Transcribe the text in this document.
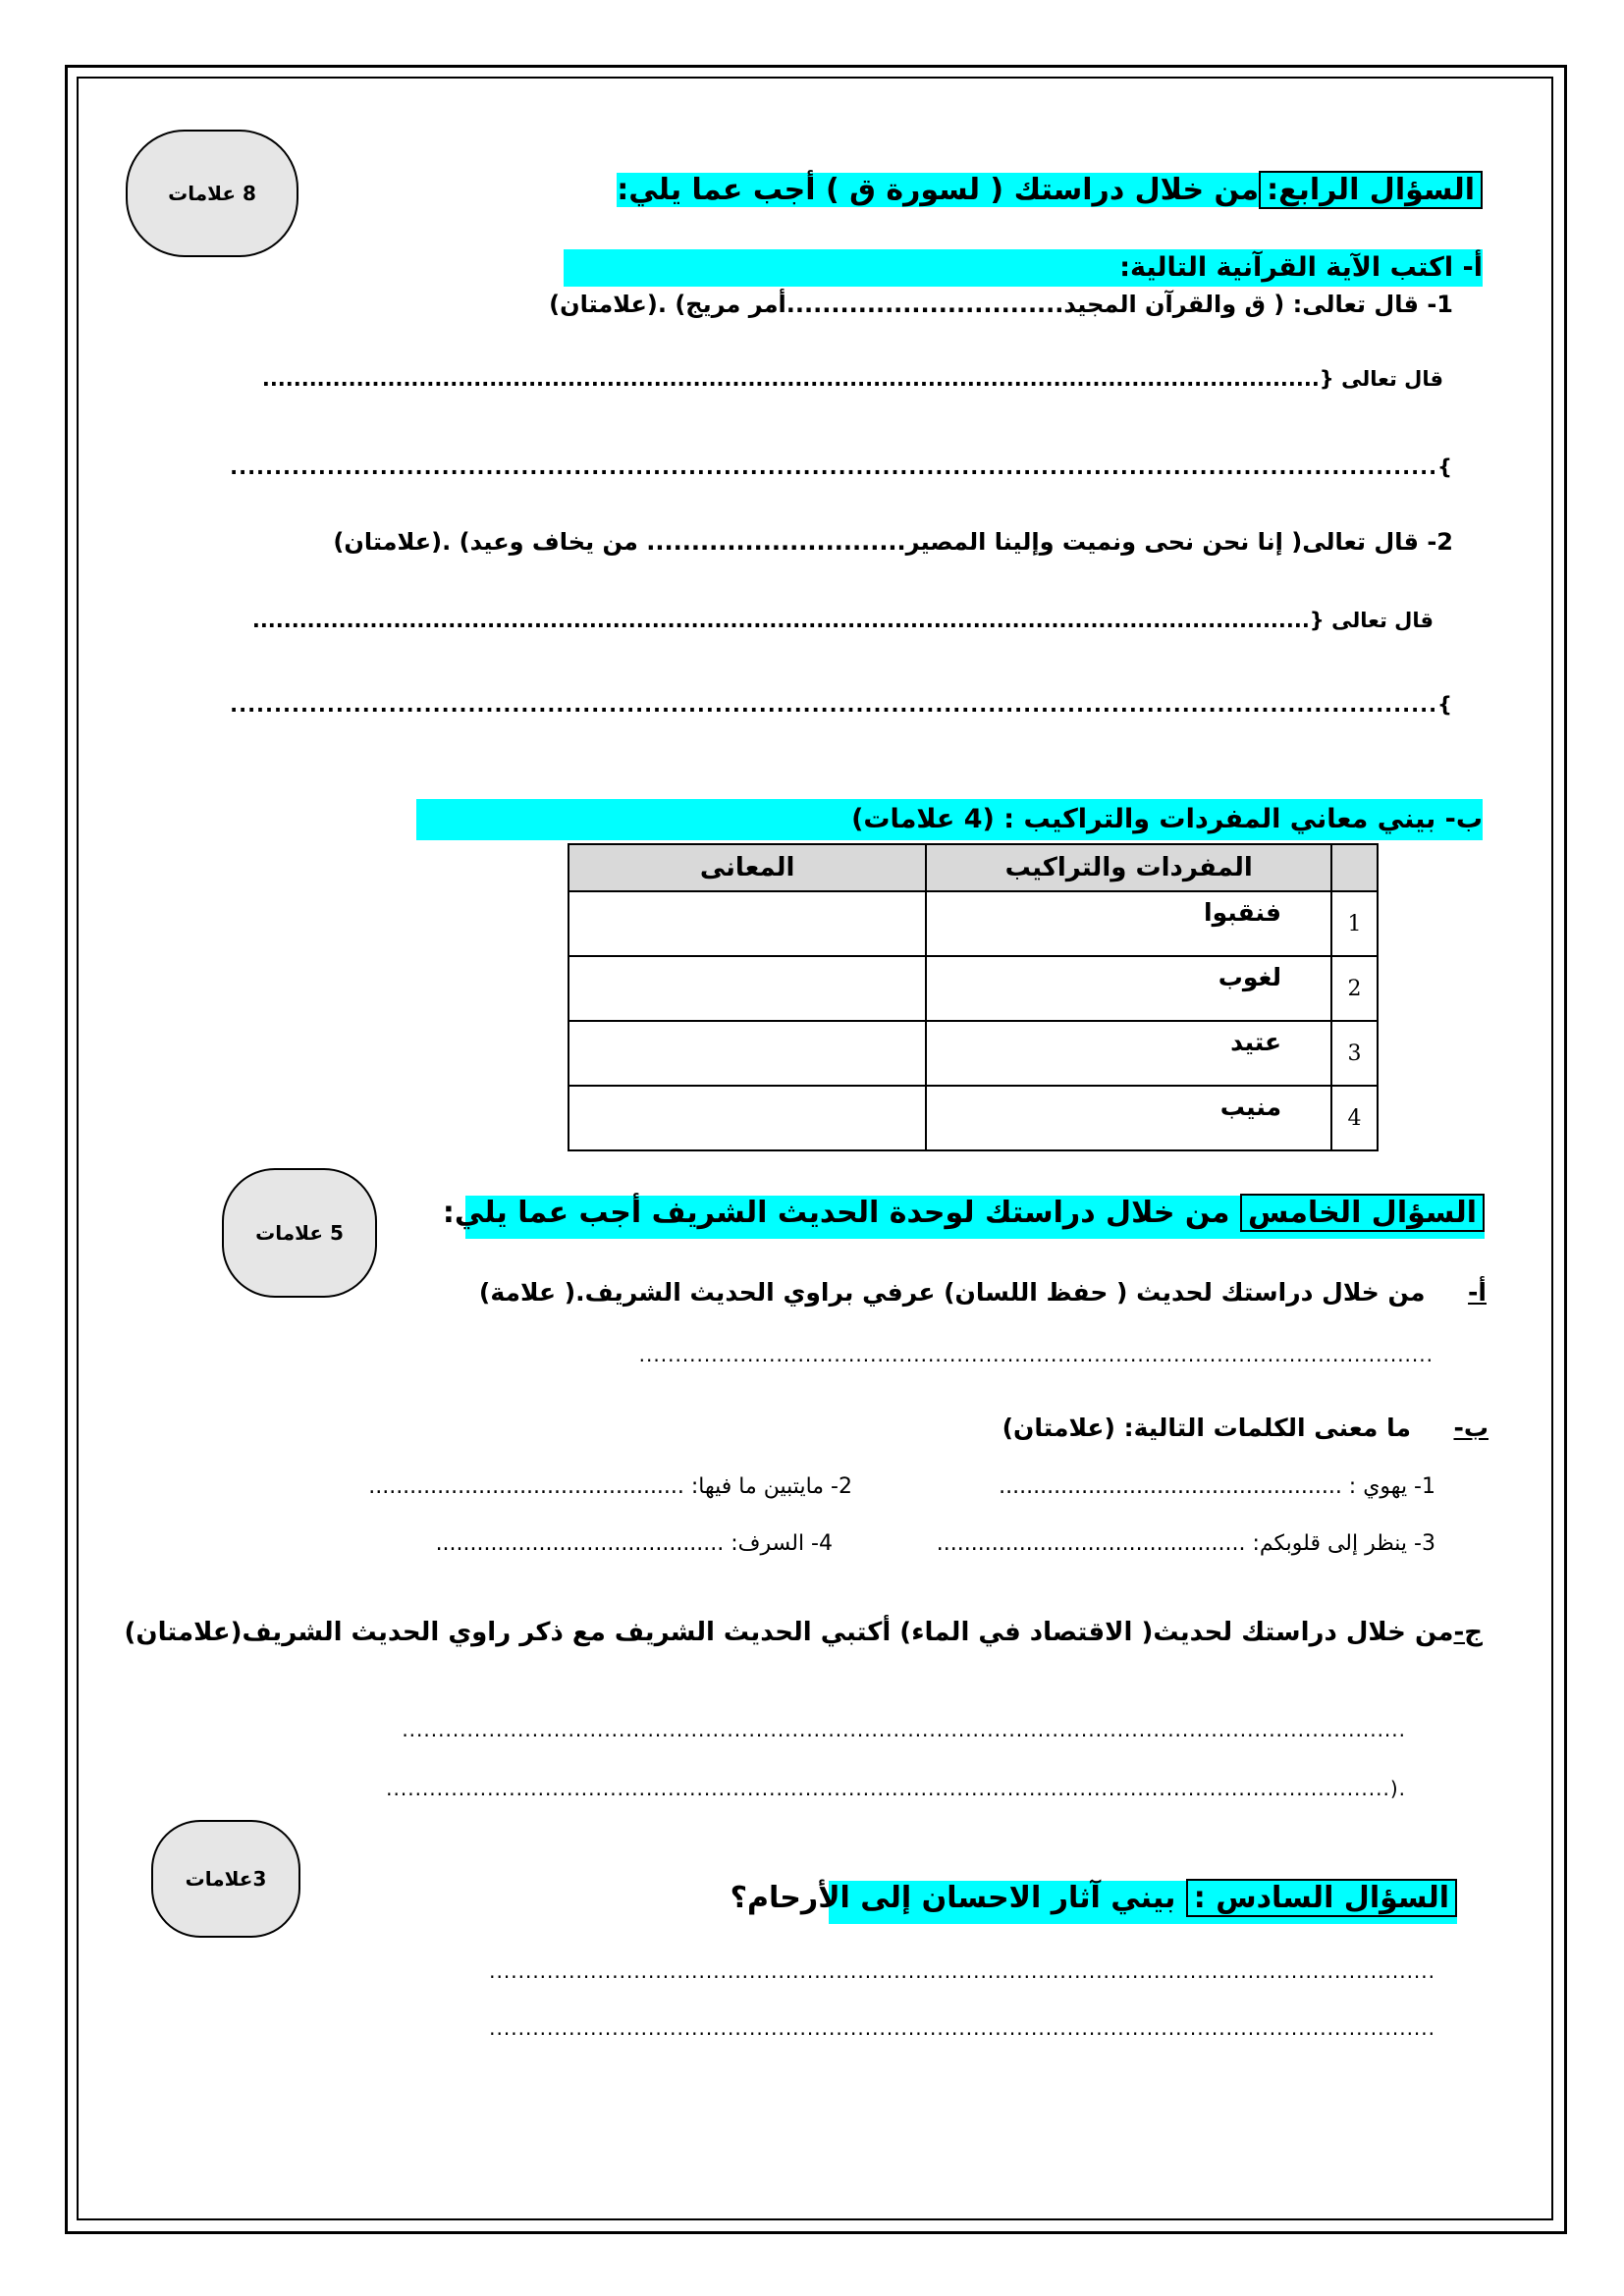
8 علامات	السؤال الرابع:من خلال دراستك ( لسورة ق ) أجب عما يلي:
أ- اكتب الآية القرآنية التالية:
1- قال تعالى: ( ق والقرآن المجيد...............................أمر مريج) .(علامتان)
قال تعالى {.......................................................................................................................................
}.........................................................................................................................................
2- قال تعالى( إنا نحن نحى ونميت وإلينا المصير............................. من يخاف وعيد) .(علامتان)
قال تعالى {.......................................................................................................................................
}.........................................................................................................................................
ب- بيني معاني المفردات والتراكيب : (4 علامات)
	المفردات والتراكيب	المعانى
1	فنقبوا	
2	لغوب	
3	عتيد	
4	منيب	
5 علامات
السؤال الخامس من خلال دراستك لوحدة الحديث الشريف أجب عما يلي:
أ-     من خلال دراستك لحديث ( حفظ اللسان) عرفي براوي الحديث الشريف.( علامة)
..............................................................................................................
ب-     ما معنى الكلمات التالية: (علامتان)
1- يهوي : ..................................................
2- مايتبين ما فيها: ..............................................
3- ينظر إلى قلوبكم: .............................................
4- السرف: ..........................................
ج-من خلال دراستك لحديث( الاقتصاد في الماء) أكتبي الحديث الشريف مع ذكر راوي الحديث الشريف(علامتان)
...........................................................................................................................................
.(...........................................................................................................................................
3علامات
السؤال السادس : بيني آثار الاحسان إلى الأرحام؟
...................................................................................................................................
...................................................................................................................................
